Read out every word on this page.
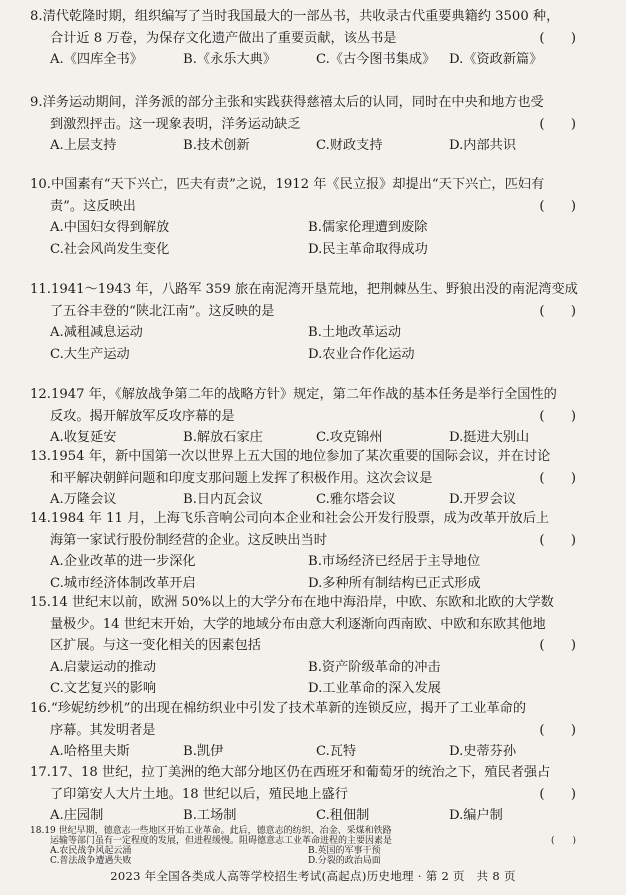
8.清代乾隆时期，组织编写了当时我国最大的一部丛书，共收录古代重要典籍约 3500 种，
合计近 8 万卷，为保存文化遗产做出了重要贡献，该丛书是	(　　)

A.《四库全书》	B.《永乐大典》	C.《古今图书集成》	D.《资政新篇》

9.洋务运动期间，洋务派的部分主张和实践获得慈禧太后的认同，同时在中央和地方也受
到激烈抨击。这一现象表明，洋务运动缺乏	(　　)

A.上层支持	B.技术创新	C.财政支持	D.内部共识

10.中国素有“天下兴亡，匹夫有责”之说，1912 年《民立报》却提出“天下兴亡，匹妇有
责”。这反映出	(　　)

A.中国妇女得到解放	B.儒家伦理遭到废除
C.社会风尚发生变化	D.民主革命取得成功

11.1941～1943 年，八路军 359 旅在南泥湾开垦荒地，把荆棘丛生、野狼出没的南泥湾变成
了五谷丰登的“陕北江南”。这反映的是	(　　)

A.减租减息运动	B.土地改革运动
C.大生产运动	D.农业合作化运动

12.1947 年，《解放战争第二年的战略方针》规定，第二年作战的基本任务是举行全国性的
反攻。揭开解放军反攻序幕的是	(　　)

A.收复延安	B.解放石家庄	C.攻克锦州	D.挺进大别山

13.1954 年，新中国第一次以世界上五大国的地位参加了某次重要的国际会议，并在讨论
和平解决朝鲜问题和印度支那问题上发挥了积极作用。这次会议是	(　　)

A.万隆会议	B.日内瓦会议	C.雅尔塔会议	D.开罗会议

14.1984 年 11 月，上海飞乐音响公司向本企业和社会公开发行股票，成为改革开放后上
海第一家试行股份制经营的企业。这反映出当时	(　　)

A.企业改革的进一步深化	B.市场经济已经居于主导地位
C.城市经济体制改革开启	D.多种所有制结构已正式形成

15.14 世纪末以前，欧洲 50%以上的大学分布在地中海沿岸，中欧、东欧和北欧的大学数
量极少。14 世纪末开始，大学的地域分布由意大利逐渐向西南欧、中欧和东欧其他地
区扩展。与这一变化相关的因素包括	(　　)

A.启蒙运动的推动	B.资产阶级革命的冲击
C.文艺复兴的影响	D.工业革命的深入发展

16.“珍妮纺纱机”的出现在棉纺织业中引发了技术革新的连锁反应，揭开了工业革命的
序幕。其发明者是	(　　)

A.哈格里夫斯	B.凯伊	C.瓦特	D.史蒂芬孙

17.17、18 世纪，拉丁美洲的绝大部分地区仍在西班牙和葡萄牙的统治之下，殖民者强占
了印第安人大片土地。18 世纪以后，殖民地上盛行	(　　)

A.庄园制	B.工场制	C.租佃制	D.编户制

18.19 世纪早期，德意志一些地区开始工业革命。此后，德意志的纺织、冶金、采煤和铁路
运输等部门虽有一定程度的发展，但进程缓慢。阻碍德意志工业革命进程的主要因素是	(　　)

A.农民战争风起云涌	B.英国的军事干预
C.普法战争遭遇失败	D.分裂的政治局面
2023 年全国各类成人高等学校招生考试(高起点)历史地理 · 第 2 页　共 8 页
